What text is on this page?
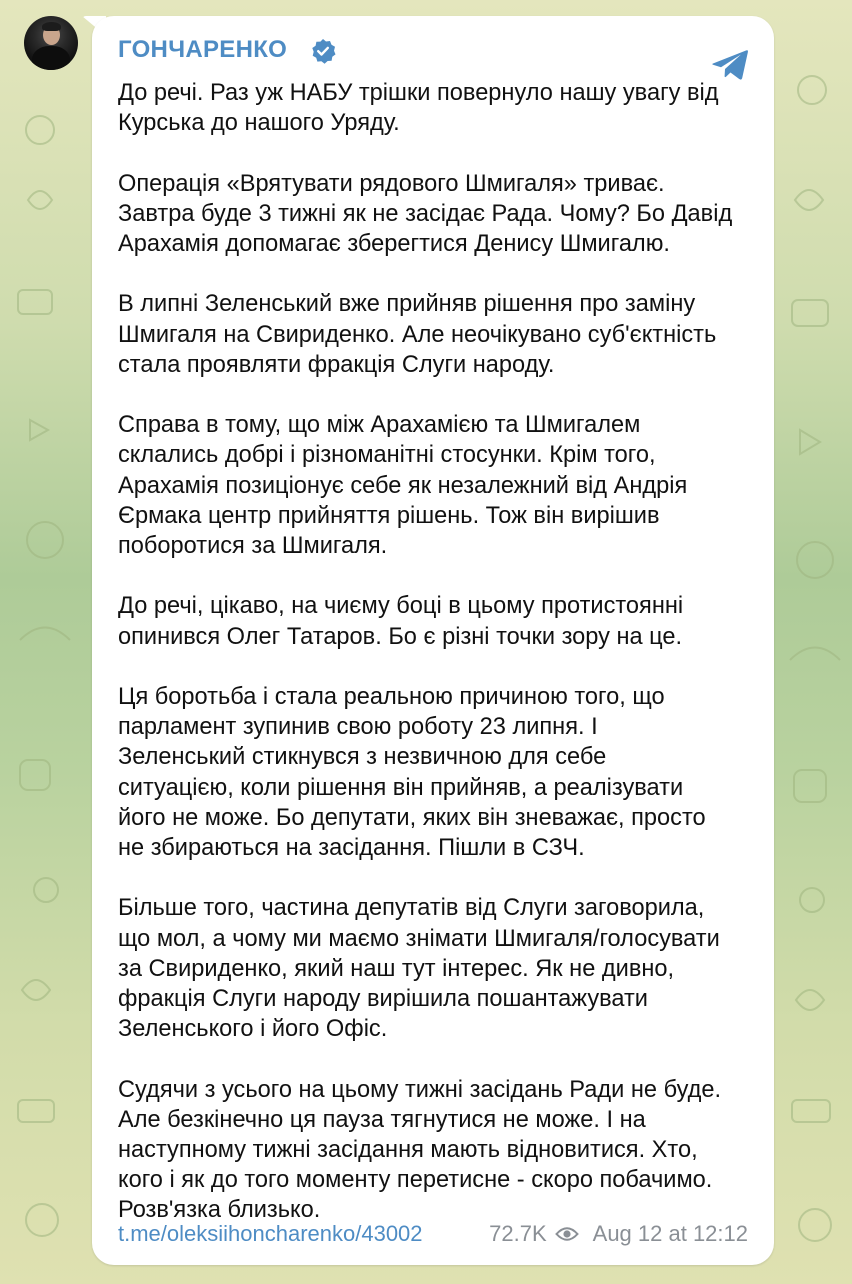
ГОНЧАРЕНКО

До речі. Раз уж НАБУ трішки повернуло нашу увагу від
Курська до нашого Уряду.

Операція «Врятувати рядового Шмигаля» триває.
Завтра буде 3 тижні як не засідає Рада. Чому? Бо Давід
Арахамія допомагає зберегтися Денису Шмигалю.

В липні Зеленський вже прийняв рішення про заміну
Шмигаля на Свириденко. Але неочікувано суб'єктність
стала проявляти фракція Слуги народу.

Справа в тому, що між Арахамією та Шмигалем
склались добрі і різноманітні стосунки. Крім того,
Арахамія позиціонує себе як незалежний від Андрія
Єрмака центр прийняття рішень. Тож він вирішив
поборотися за Шмигаля.

До речі, цікаво, на чиєму боці в цьому протистоянні
опинився Олег Татаров. Бо є різні точки зору на це.

Ця боротьба і стала реальною причиною того, що
парламент зупинив свою роботу 23 липня. І
Зеленський стикнувся з незвичною для себе
ситуацією, коли рішення він прийняв, а реалізувати
його не може. Бо депутати, яких він зневажає, просто
не збираються на засідання. Пішли в СЗЧ.

Більше того, частина депутатів від Слуги заговорила,
що мол, а чому ми маємо знімати Шмигаля/голосувати
за Свириденко, який наш тут інтерес. Як не дивно,
фракція Слуги народу вирішила пошантажувати
Зеленського і його Офіс.

Судячи з усього на цьому тижні засідань Ради не буде.
Але безкінечно ця пауза тягнутися не може. І на
наступному тижні засідання мають відновитися. Хто,
кого і як до того моменту перетисне - скоро побачимо.
Розв'язка близько.

t.me/oleksiihoncharenko/43002	72.7K Aug 12 at 12:12
